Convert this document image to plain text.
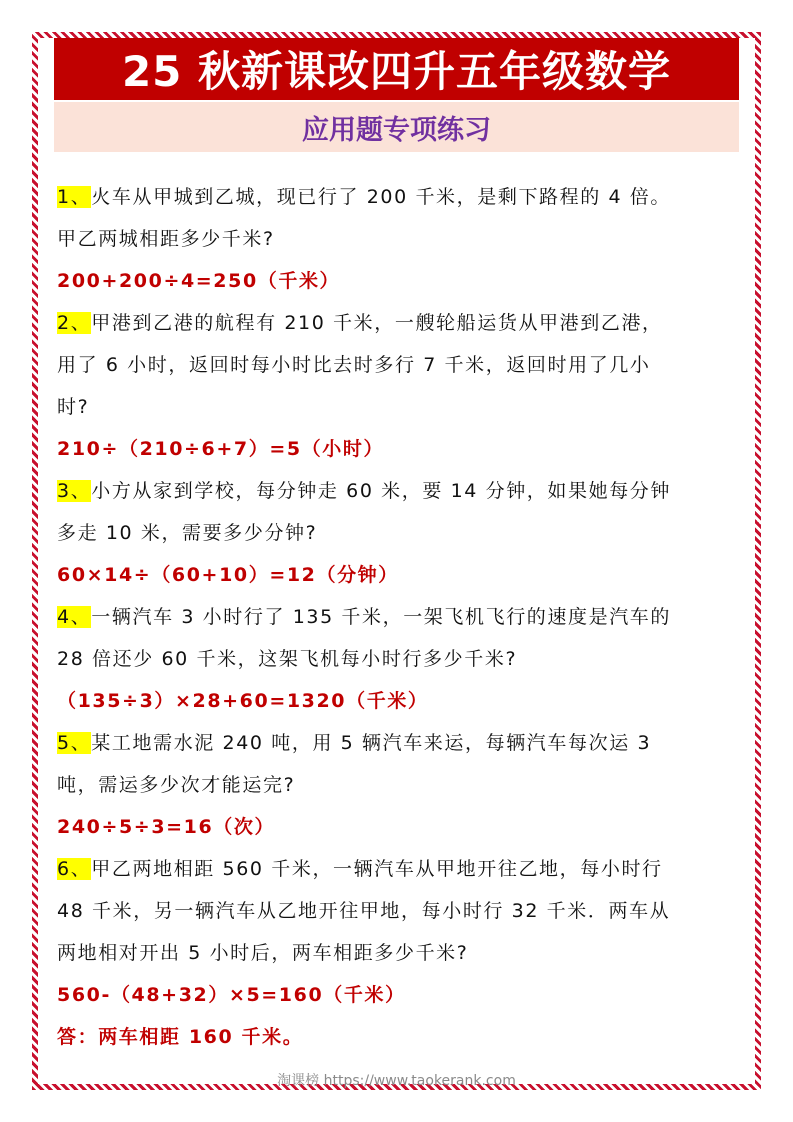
25 秋新课改四升五年级数学
应用题专项练习
1、火车从甲城到乙城，现已行了 200 千米，是剩下路程的 4 倍。
甲乙两城相距多少千米?
200+200÷4=250（千米）
2、甲港到乙港的航程有 210 千米，一艘轮船运货从甲港到乙港，
用了 6 小时，返回时每小时比去时多行 7 千米，返回时用了几小
时?
210÷（210÷6+7）=5（小时）
3、小方从家到学校，每分钟走 60 米，要 14 分钟，如果她每分钟
多走 10 米，需要多少分钟?
60×14÷（60+10）=12（分钟）
4、一辆汽车 3 小时行了 135 千米，一架飞机飞行的速度是汽车的
28 倍还少 60 千米，这架飞机每小时行多少千米?
（135÷3）×28+60=1320（千米）
5、某工地需水泥 240 吨，用 5 辆汽车来运，每辆汽车每次运 3
吨，需运多少次才能运完?
240÷5÷3=16（次）
6、甲乙两地相距 560 千米，一辆汽车从甲地开往乙地，每小时行
48 千米，另一辆汽车从乙地开往甲地，每小时行 32 千米．两车从
两地相对开出 5 小时后，两车相距多少千米?
560-（48+32）×5=160（千米）
答：两车相距 160 千米。
淘课榜 https://www.taokerank.com
